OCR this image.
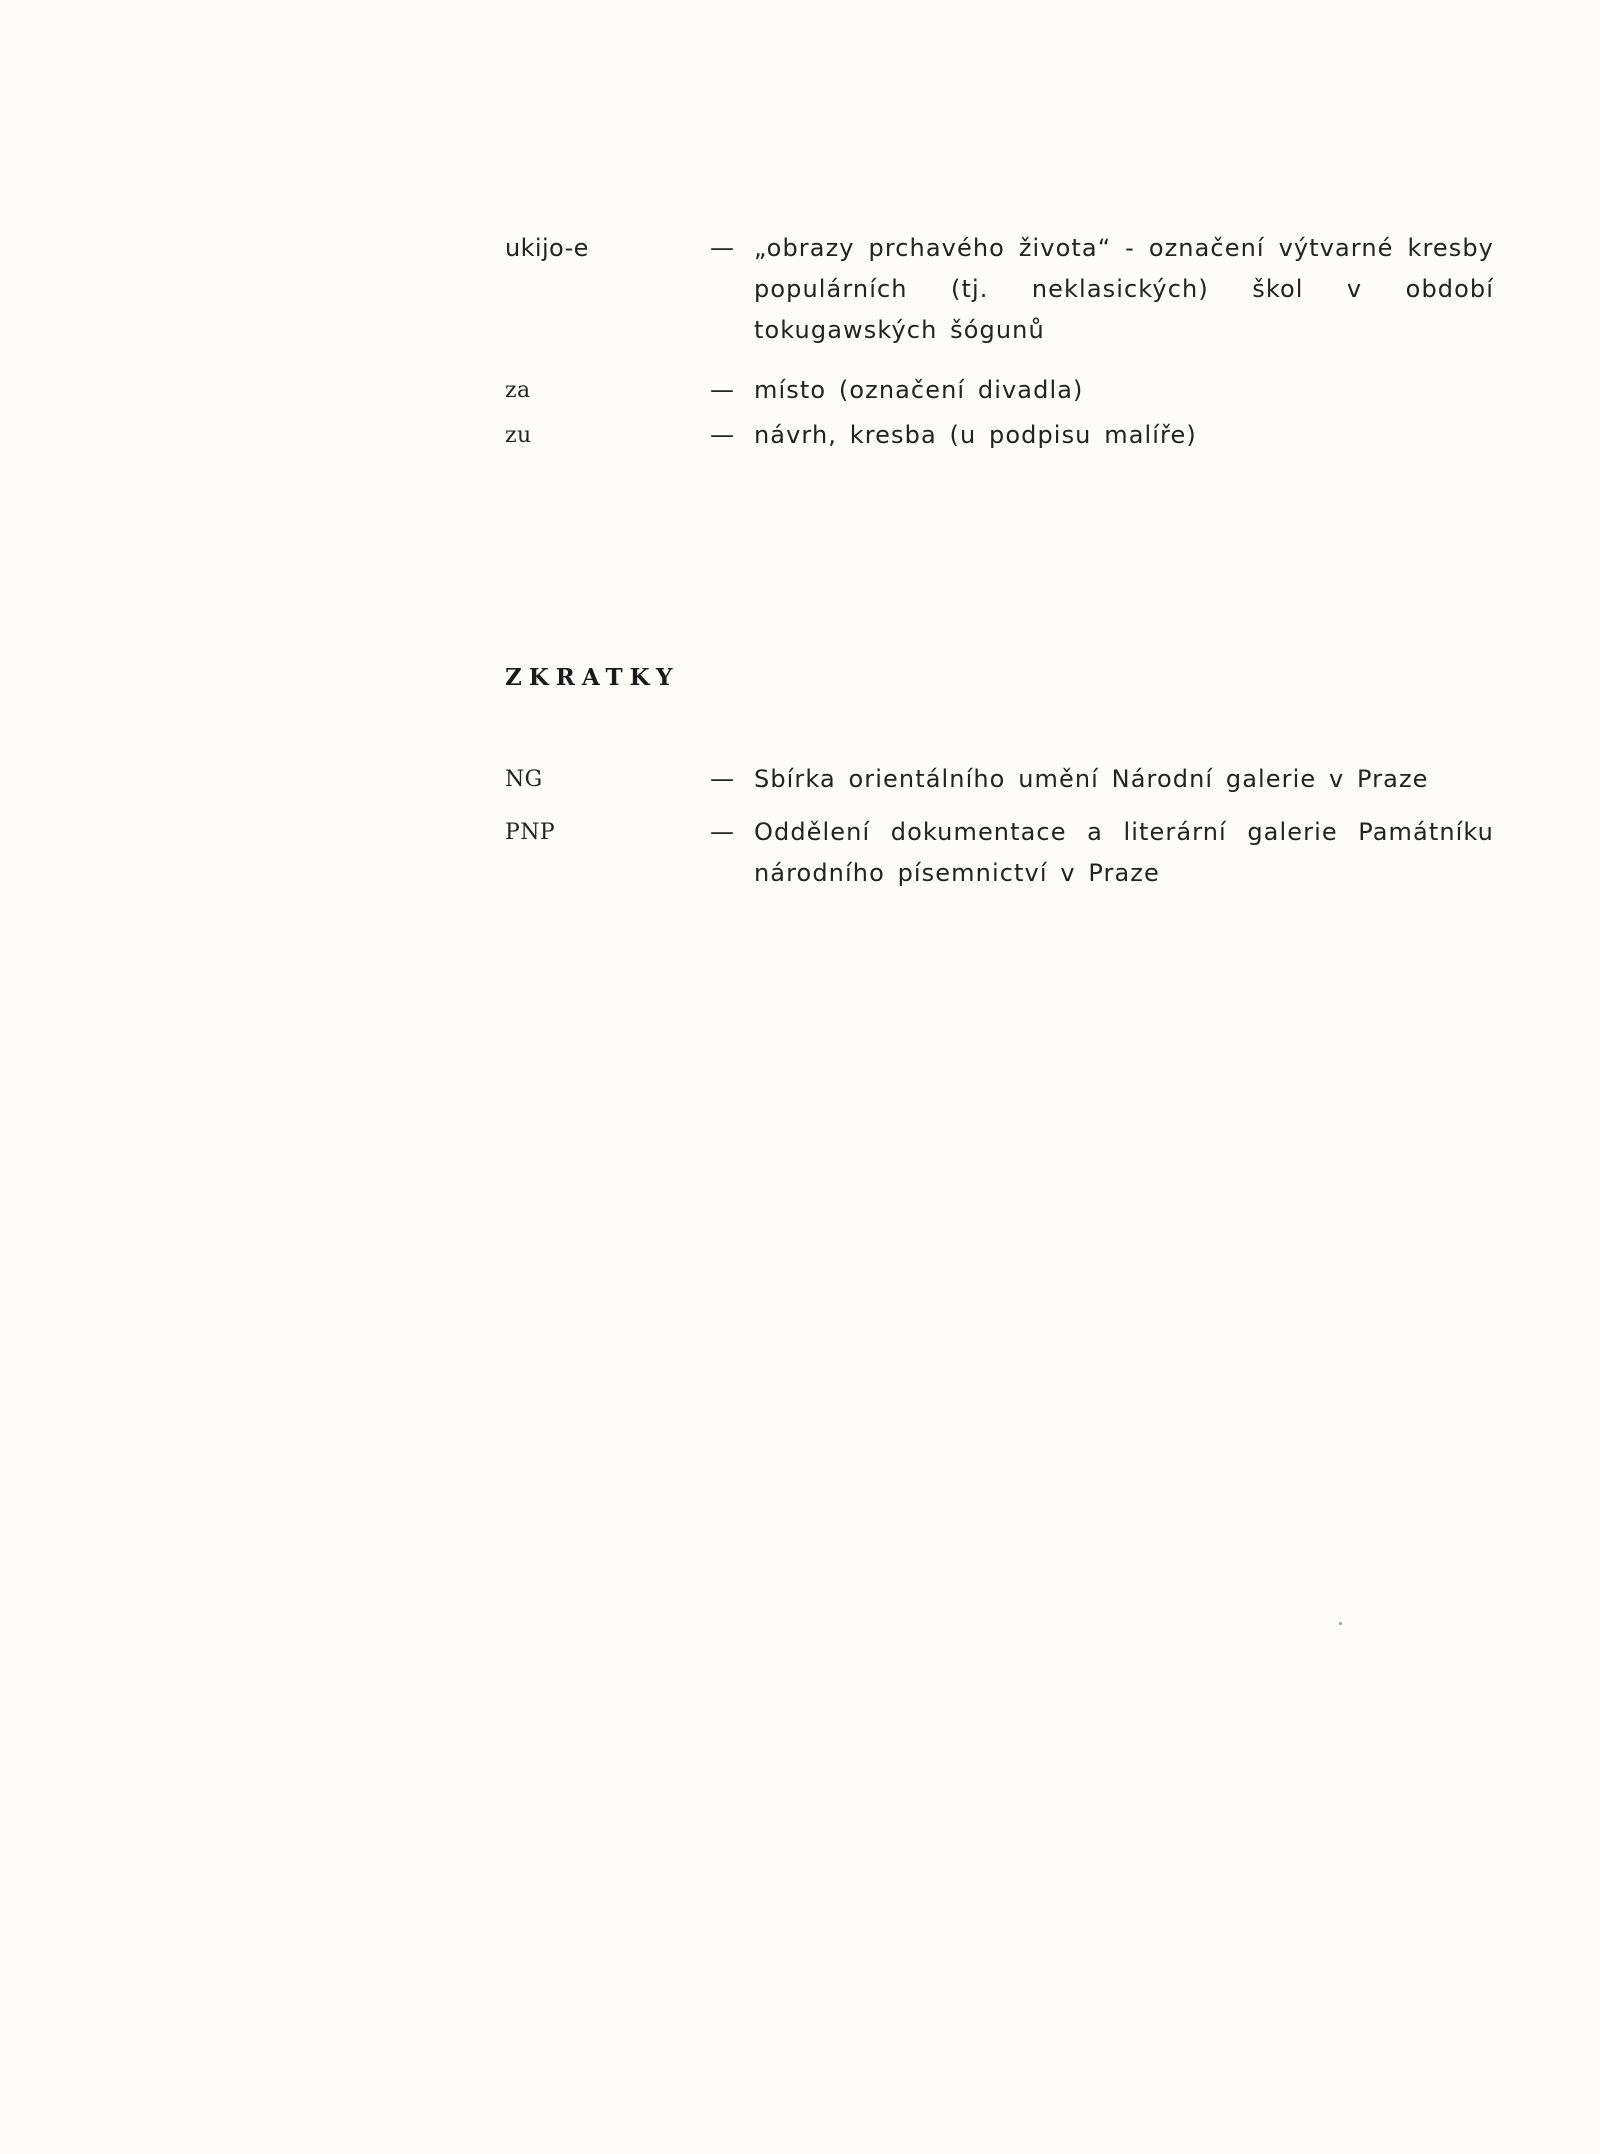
ukijo-e	— „obrazy prchavého života“ - označení výtvarné kresby populárních (tj. neklasických) škol v období tokugawských šógunů
za	— místo (označení divadla)
zu	— návrh, kresba (u podpisu malíře)
ZKRATKY
NG	— Sbírka orientálního umění Národní galerie v Praze
PNP	— Oddělení dokumentace a literární galerie Památníku národního písemnictví v Praze
